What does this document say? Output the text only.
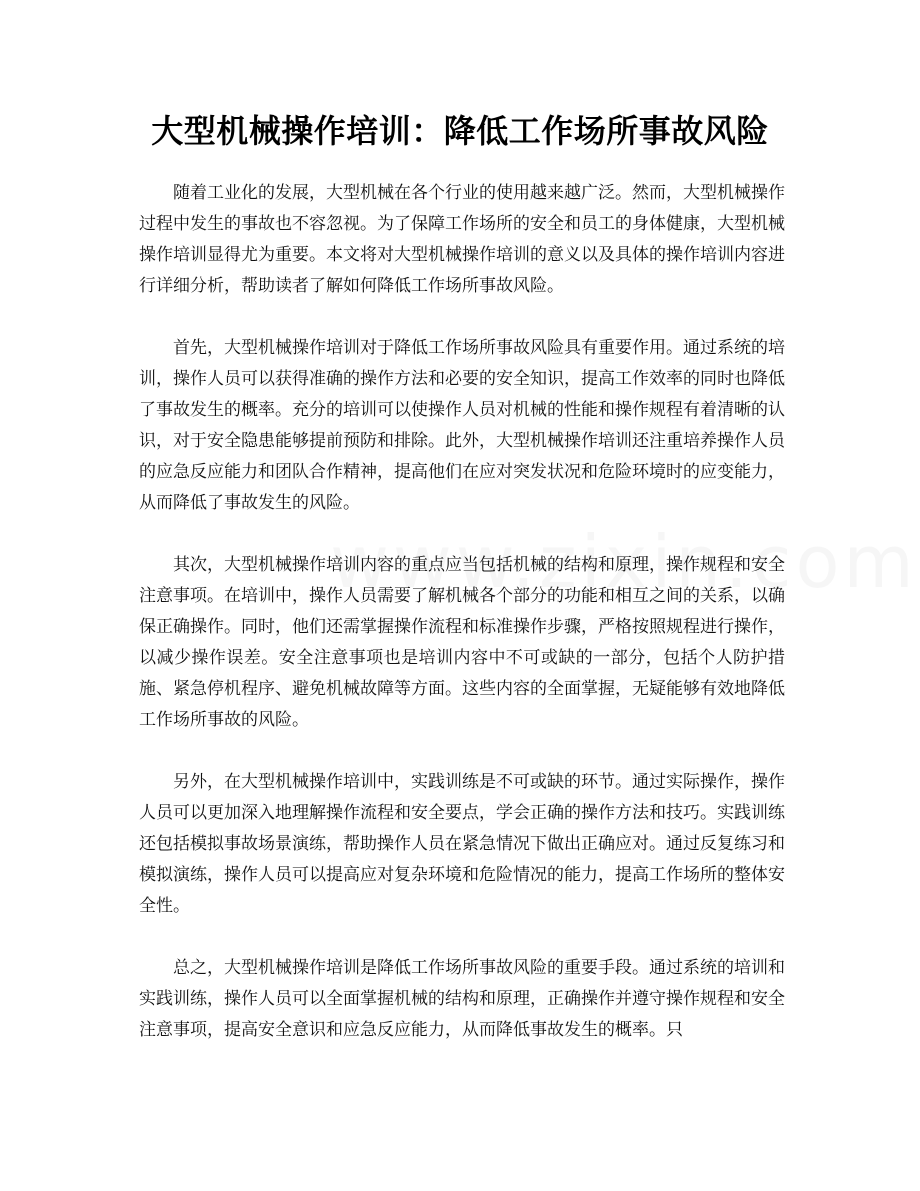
大型机械操作培训：降低工作场所事故风险

随着工业化的发展，大型机械在各个行业的使用越来越广泛。然而，大型机械操作过程中发生的事故也不容忽视。为了保障工作场所的安全和员工的身体健康，大型机械操作培训显得尤为重要。本文将对大型机械操作培训的意义以及具体的操作培训内容进行详细分析，帮助读者了解如何降低工作场所事故风险。

首先，大型机械操作培训对于降低工作场所事故风险具有重要作用。通过系统的培训，操作人员可以获得准确的操作方法和必要的安全知识，提高工作效率的同时也降低了事故发生的概率。充分的培训可以使操作人员对机械的性能和操作规程有着清晰的认识，对于安全隐患能够提前预防和排除。此外，大型机械操作培训还注重培养操作人员的应急反应能力和团队合作精神，提高他们在应对突发状况和危险环境时的应变能力，从而降低了事故发生的风险。

其次，大型机械操作培训内容的重点应当包括机械的结构和原理，操作规程和安全注意事项。在培训中，操作人员需要了解机械各个部分的功能和相互之间的关系，以确保正确操作。同时，他们还需掌握操作流程和标准操作步骤，严格按照规程进行操作，以减少操作误差。安全注意事项也是培训内容中不可或缺的一部分，包括个人防护措施、紧急停机程序、避免机械故障等方面。这些内容的全面掌握，无疑能够有效地降低工作场所事故的风险。

另外，在大型机械操作培训中，实践训练是不可或缺的环节。通过实际操作，操作人员可以更加深入地理解操作流程和安全要点，学会正确的操作方法和技巧。实践训练还包括模拟事故场景演练，帮助操作人员在紧急情况下做出正确应对。通过反复练习和模拟演练，操作人员可以提高应对复杂环境和危险情况的能力，提高工作场所的整体安全性。

总之，大型机械操作培训是降低工作场所事故风险的重要手段。通过系统的培训和实践训练，操作人员可以全面掌握机械的结构和原理，正确操作并遵守操作规程和安全注意事项，提高安全意识和应急反应能力，从而降低事故发生的概率。只
